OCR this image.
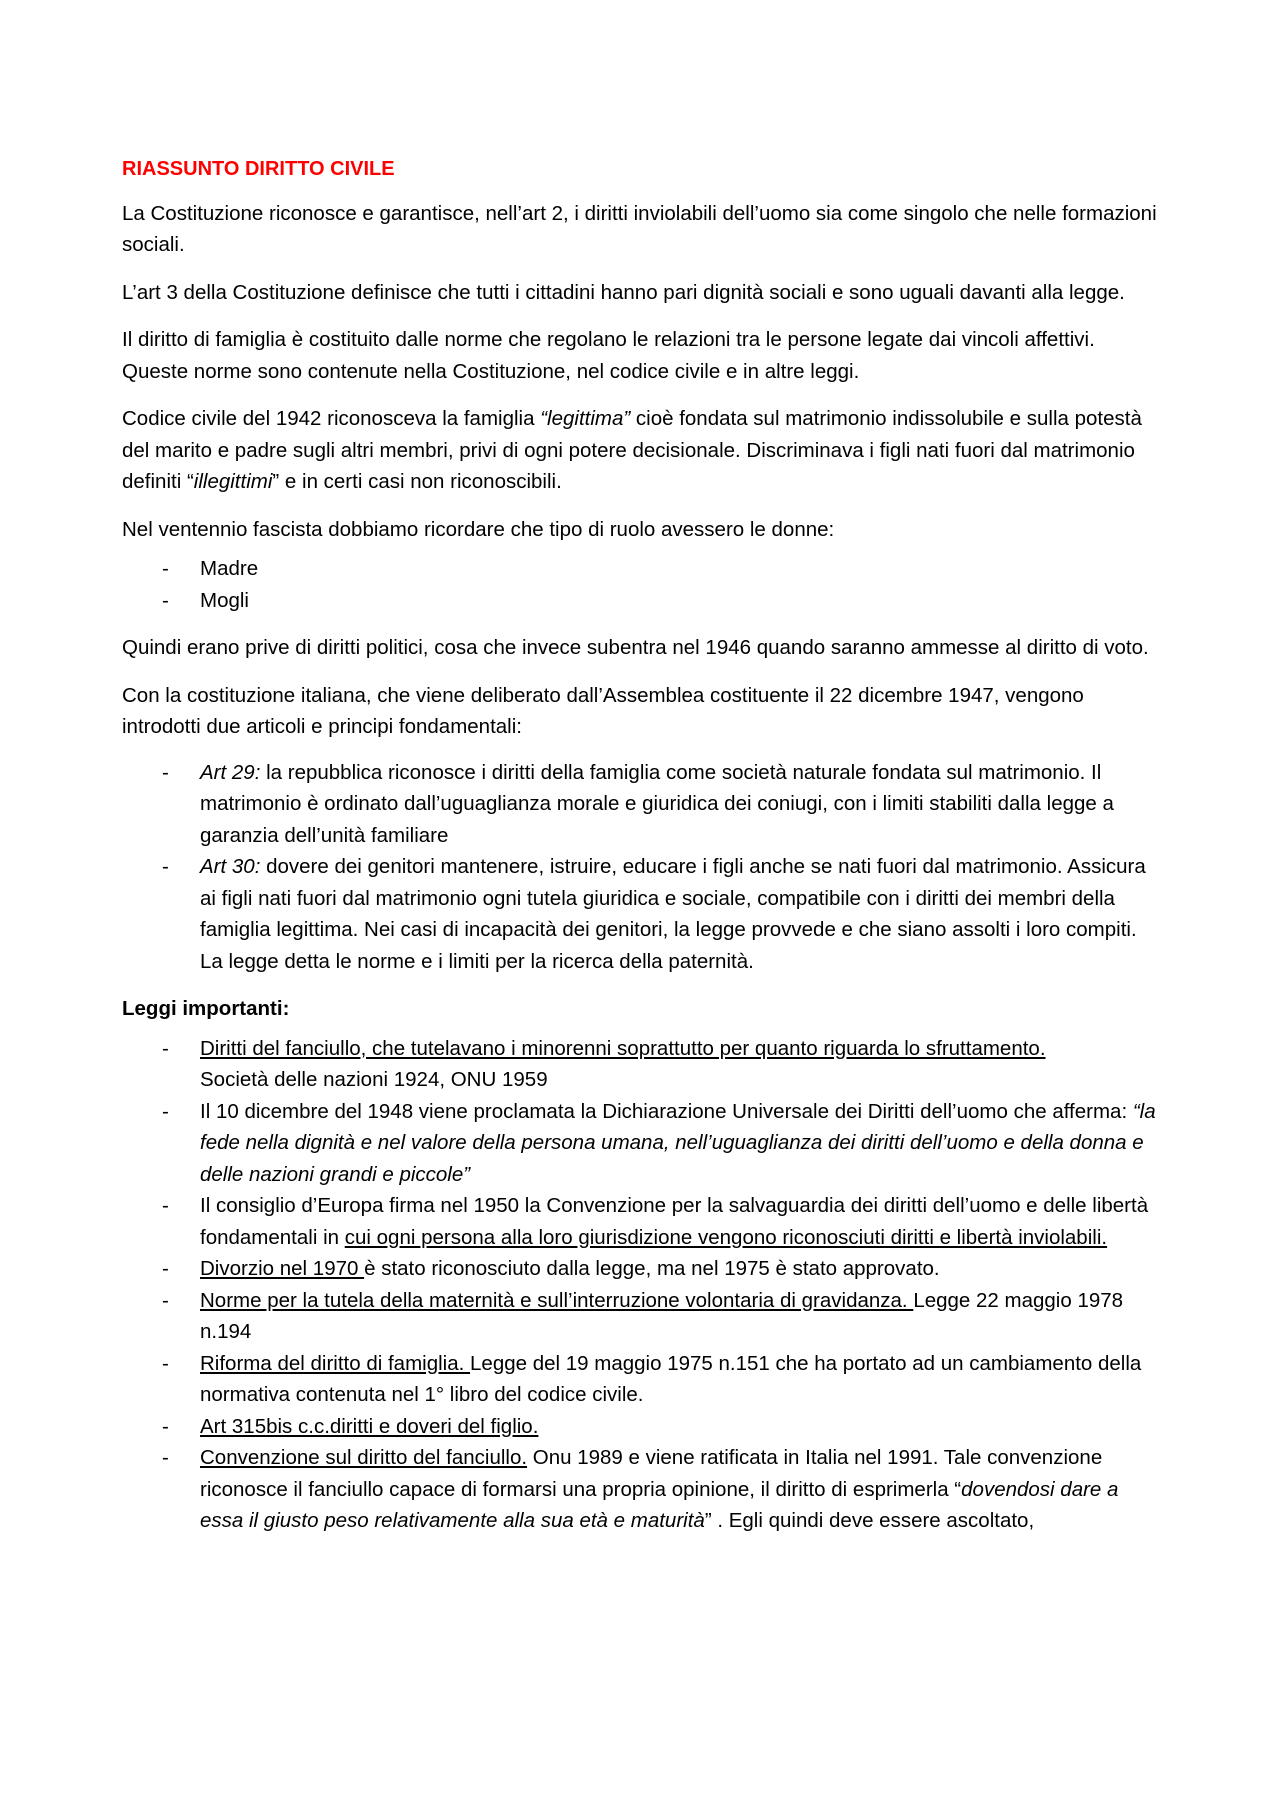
RIASSUNTO DIRITTO CIVILE

La Costituzione riconosce e garantisce, nell’art 2, i diritti inviolabili dell’uomo sia come singolo che nelle formazioni sociali.

L’art 3 della Costituzione definisce che tutti i cittadini hanno pari dignità sociali e sono uguali davanti alla legge.

Il diritto di famiglia è costituito dalle norme che regolano le relazioni tra le persone legate dai vincoli affettivi. Queste norme sono contenute nella Costituzione, nel codice civile e in altre leggi.

Codice civile del 1942 riconosceva la famiglia “legittima” cioè fondata sul matrimonio indissolubile e sulla potestà del marito e padre sugli altri membri, privi di ogni potere decisionale. Discriminava i figli nati fuori dal matrimonio definiti “illegittimi” e in certi casi non riconoscibili.

Nel ventennio fascista dobbiamo ricordare che tipo di ruolo avessero le donne:

- Madre
- Mogli

Quindi erano prive di diritti politici, cosa che invece subentra nel 1946 quando saranno ammesse al diritto di voto.

Con la costituzione italiana, che viene deliberato dall’Assemblea costituente il 22 dicembre 1947, vengono introdotti due articoli e principi fondamentali:

- Art 29: la repubblica riconosce i diritti della famiglia come società naturale fondata sul matrimonio. Il matrimonio è ordinato dall’uguaglianza morale e giuridica dei coniugi, con i limiti stabiliti dalla legge a garanzia dell’unità familiare
- Art 30: dovere dei genitori mantenere, istruire, educare i figli anche se nati fuori dal matrimonio. Assicura ai figli nati fuori dal matrimonio ogni tutela giuridica e sociale, compatibile con i diritti dei membri della famiglia legittima. Nei casi di incapacità dei genitori, la legge provvede e che siano assolti i loro compiti. La legge detta le norme e i limiti per la ricerca della paternità.

Leggi importanti:

- Diritti del fanciullo, che tutelavano i minorenni soprattutto per quanto riguarda lo sfruttamento.
Società delle nazioni 1924, ONU 1959
- Il 10 dicembre del 1948 viene proclamata la Dichiarazione Universale dei Diritti dell’uomo che afferma: “la fede nella dignità e nel valore della persona umana, nell’uguaglianza dei diritti dell’uomo e della donna e delle nazioni grandi e piccole”
- Il consiglio d’Europa firma nel 1950 la Convenzione per la salvaguardia dei diritti dell’uomo e delle libertà fondamentali in cui ogni persona alla loro giurisdizione vengono riconosciuti diritti e libertà inviolabili.
- Divorzio nel 1970 è stato riconosciuto dalla legge, ma nel 1975 è stato approvato.
- Norme per la tutela della maternità e sull’interruzione volontaria di gravidanza. Legge 22 maggio 1978 n.194
- Riforma del diritto di famiglia. Legge del 19 maggio 1975 n.151 che ha portato ad un cambiamento della normativa contenuta nel 1° libro del codice civile.
- Art 315bis c.c.diritti e doveri del figlio.
- Convenzione sul diritto del fanciullo. Onu 1989 e viene ratificata in Italia nel 1991. Tale convenzione riconosce il fanciullo capace di formarsi una propria opinione, il diritto di esprimerla “dovendosi dare a essa il giusto peso relativamente alla sua età e maturità” . Egli quindi deve essere ascoltato,
